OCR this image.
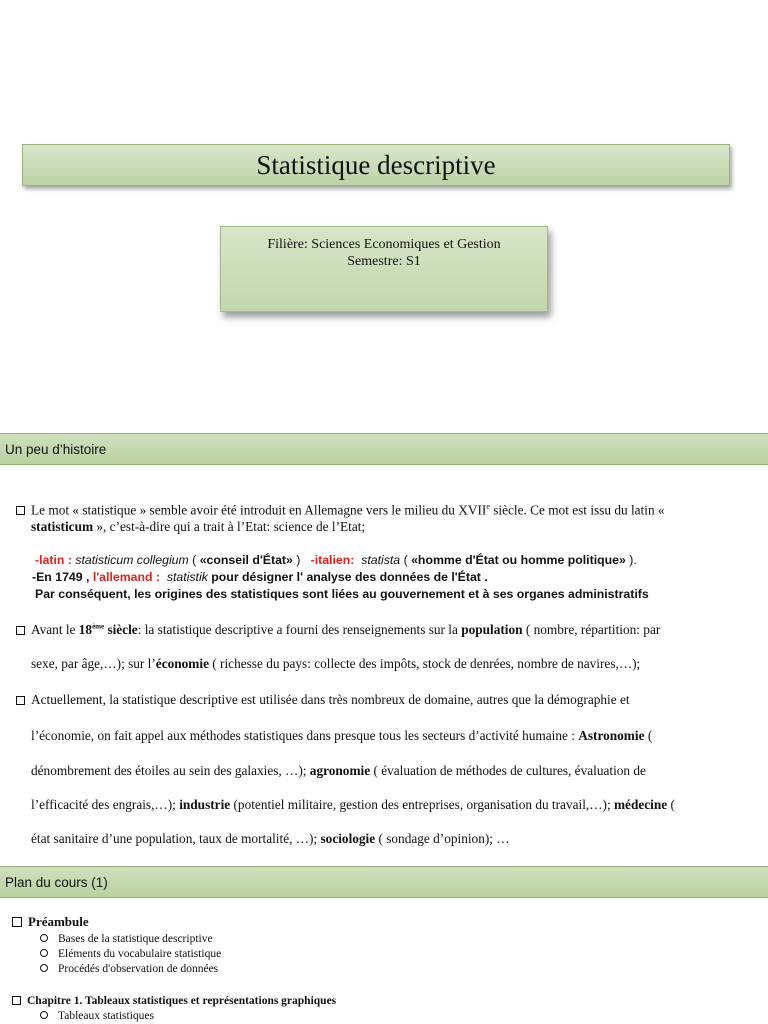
Statistique descriptive
Filière: Sciences Economiques et Gestion
Semestre: S1
Un peu d’histoire
Le mot « statistique » semble avoir été introduit en Allemagne vers le milieu du XVIIe siècle. Ce mot est issu du latin «
statisticum », c’est-à-dire qui a trait à l’Etat: science de l’Etat;
-latin : statisticum collegium ( «conseil d'État» )   -italien: statista ( «homme d'État ou homme politique» ).
-En 1749 , l'allemand : statistik pour désigner l' analyse des données de l'État .
Par conséquent, les origines des statistiques sont liées au gouvernement et à ses organes administratifs
Avant le 18ème siècle: la statistique descriptive a fourni des renseignements sur la population ( nombre, répartition: par
sexe, par âge,…); sur l’économie ( richesse du pays: collecte des impôts, stock de denrées, nombre de navires,…);
Actuellement, la statistique descriptive est utilisée dans très nombreux de domaine, autres que la démographie et
l’économie, on fait appel aux méthodes statistiques dans presque tous les secteurs d’activité humaine : Astronomie (
dénombrement des étoiles au sein des galaxies, …); agronomie ( évaluation de méthodes de cultures, évaluation de
l’efficacité des engrais,…); industrie (potentiel militaire, gestion des entreprises, organisation du travail,…); médecine (
état sanitaire d’une population, taux de mortalité, …); sociologie ( sondage d’opinion); …
Plan du cours (1)
Préambule
Bases de la statistique descriptive
Eléments du vocabulaire statistique
Procédés d'observation de données
Chapitre 1. Tableaux statistiques et représentations graphiques
Tableaux statistiques
